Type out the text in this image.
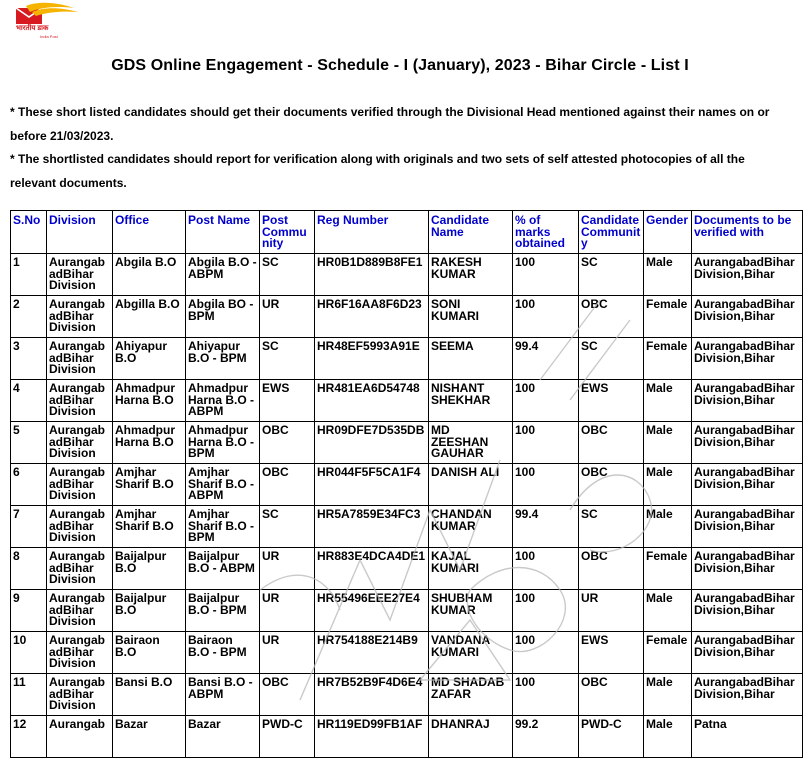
भारतीय डाक
India Post
GDS Online Engagement - Schedule - I (January), 2023 - Bihar Circle - List I

* These short listed candidates should get their documents verified through the Divisional Head mentioned against their names on or before 21/03/2023.

* The shortlisted candidates should report for verification along with originals and two sets of self attested photocopies of all the relevant documents.

S.No	Division	Office	Post Name	Post Community	Reg Number	Candidate Name	% of marks obtained	Candidate Community	Gender	Documents to be verified with
1	AurangabadBihar Division	Abgila B.O	Abgila B.O - ABPM	SC	HR0B1D889B8FE1	RAKESH KUMAR	100	SC	Male	AurangabadBihar Division,Bihar
2	AurangabadBihar Division	Abgilla B.O	Abgila BO - BPM	UR	HR6F16AA8F6D23	SONI KUMARI	100	OBC	Female	AurangabadBihar Division,Bihar
3	AurangabadBihar Division	Ahiyapur B.O	Ahiyapur B.O - BPM	SC	HR48EF5993A91E	SEEMA	99.4	SC	Female	AurangabadBihar Division,Bihar
4	AurangabadBihar Division	Ahmadpur Harna B.O	Ahmadpur Harna B.O - ABPM	EWS	HR481EA6D54748	NISHANT SHEKHAR	100	EWS	Male	AurangabadBihar Division,Bihar
5	AurangabadBihar Division	Ahmadpur Harna B.O	Ahmadpur Harna B.O - BPM	OBC	HR09DFE7D535DB	MD ZEESHAN GAUHAR	100	OBC	Male	AurangabadBihar Division,Bihar
6	AurangabadBihar Division	Amjhar Sharif B.O	Amjhar Sharif B.O - ABPM	OBC	HR044F5F5CA1F4	DANISH ALI	100	OBC	Male	AurangabadBihar Division,Bihar
7	AurangabadBihar Division	Amjhar Sharif B.O	Amjhar Sharif B.O - BPM	SC	HR5A7859E34FC3	CHANDAN KUMAR	99.4	SC	Male	AurangabadBihar Division,Bihar
8	AurangabadBihar Division	Baijalpur B.O	Baijalpur B.O - ABPM	UR	HR883E4DCA4DE1	KAJAL KUMARI	100	OBC	Female	AurangabadBihar Division,Bihar
9	AurangabadBihar Division	Baijalpur B.O	Baijalpur B.O - BPM	UR	HR55496EEE27E4	SHUBHAM KUMAR	100	UR	Male	AurangabadBihar Division,Bihar
10	AurangabadBihar Division	Bairaon B.O	Bairaon B.O - BPM	UR	HR754188E214B9	VANDANA KUMARI	100	EWS	Female	AurangabadBihar Division,Bihar
11	AurangabadBihar Division	Bansi B.O	Bansi B.O - ABPM	OBC	HR7B52B9F4D6E4	MD SHADAB ZAFAR	100	OBC	Male	AurangabadBihar Division,Bihar
12	Aurangab	Bazar	Bazar	PWD-C	HR119ED99FB1AF	DHANRAJ	99.2	PWD-C	Male	Patna
